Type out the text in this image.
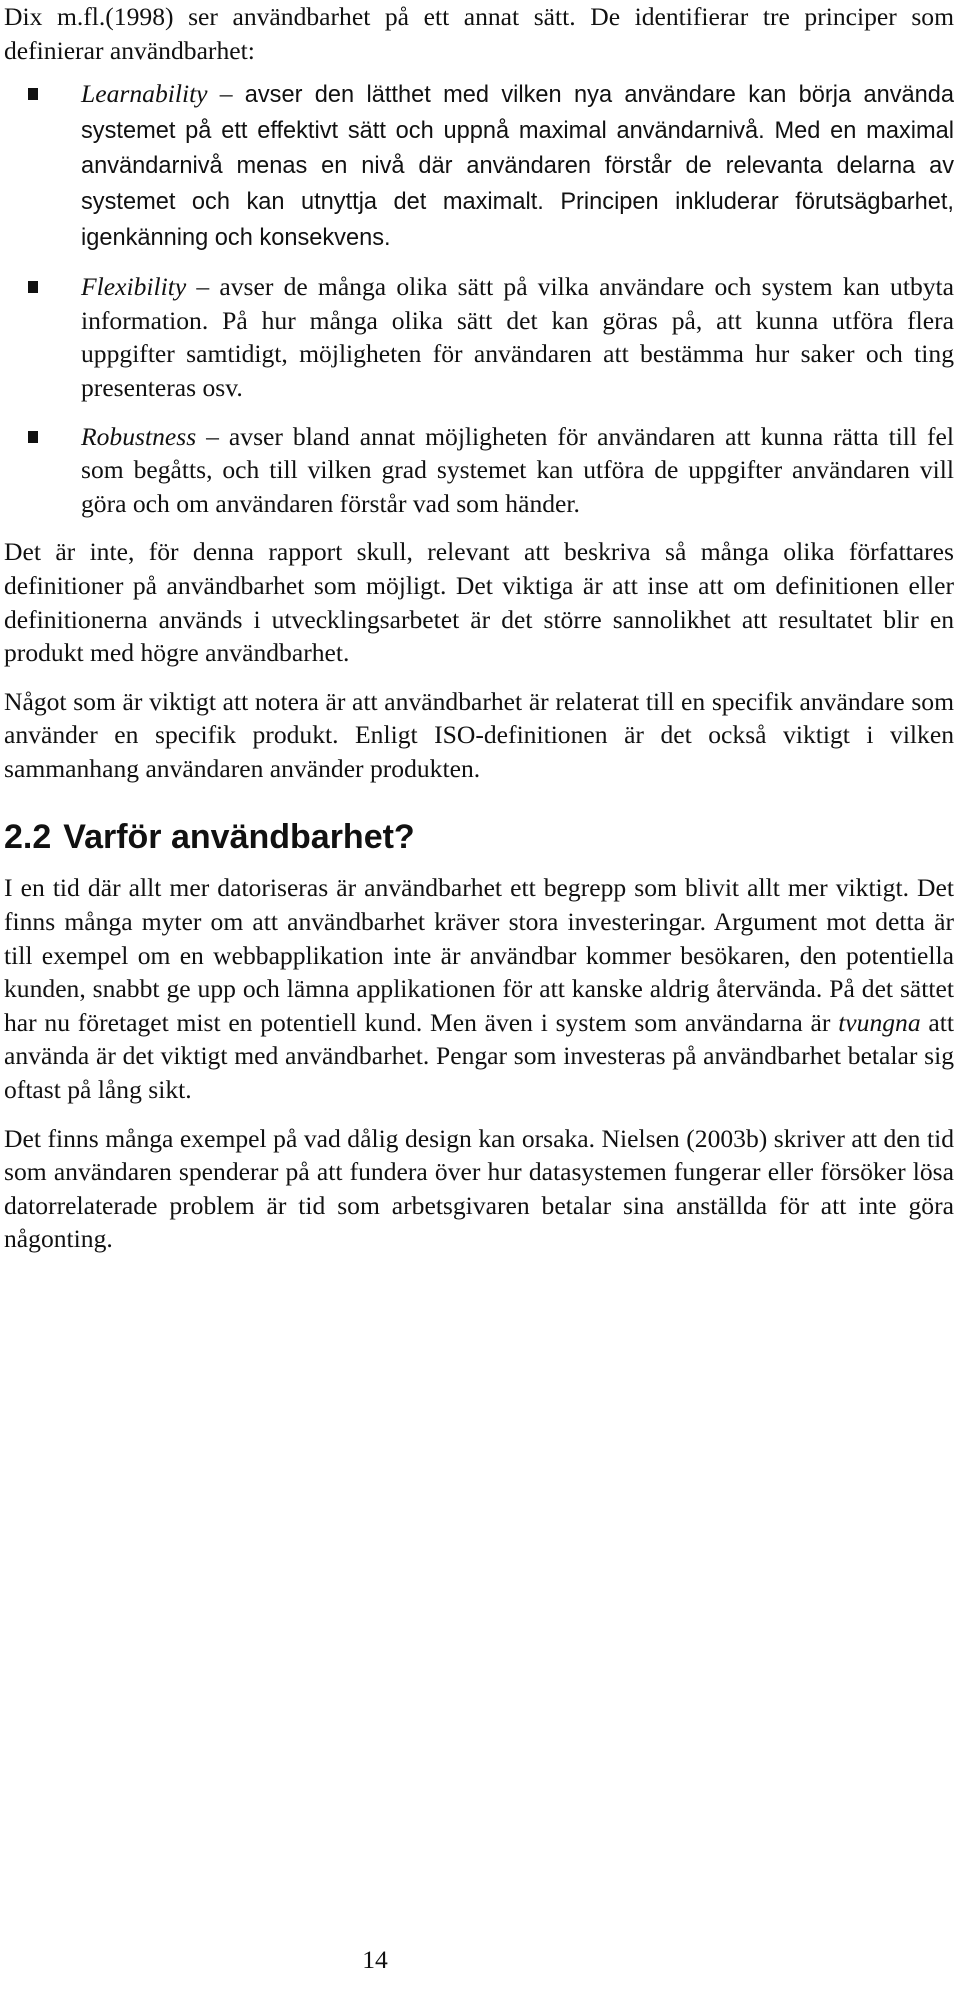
Dix m.fl.(1998) ser användbarhet på ett annat sätt. De identifierar tre principer som definierar användbarhet:

Learnability – avser den lätthet med vilken nya användare kan börja använda systemet på ett effektivt sätt och uppnå maximal användarnivå. Med en maximal användarnivå menas en nivå där användaren förstår de relevanta delarna av systemet och kan utnyttja det maximalt. Principen inkluderar förutsägbarhet, igenkänning och konsekvens.

Flexibility – avser de många olika sätt på vilka användare och system kan utbyta information. På hur många olika sätt det kan göras på, att kunna utföra flera uppgifter samtidigt, möjligheten för användaren att bestämma hur saker och ting presenteras osv.

Robustness – avser bland annat möjligheten för användaren att kunna rätta till fel som begåtts, och till vilken grad systemet kan utföra de uppgifter användaren vill göra och om användaren förstår vad som händer.

Det är inte, för denna rapport skull, relevant att beskriva så många olika författares definitioner på användbarhet som möjligt. Det viktiga är att inse att om definitionen eller definitionerna används i utvecklingsarbetet är det större sannolikhet att resultatet blir en produkt med högre användbarhet.

Något som är viktigt att notera är att användbarhet är relaterat till en specifik användare som använder en specifik produkt. Enligt ISO-definitionen är det också viktigt i vilken sammanhang användaren använder produkten.

2.2 Varför användbarhet?

I en tid där allt mer datoriseras är användbarhet ett begrepp som blivit allt mer viktigt. Det finns många myter om att användbarhet kräver stora investeringar. Argument mot detta är till exempel om en webbapplikation inte är användbar kommer besökaren, den potentiella kunden, snabbt ge upp och lämna applikationen för att kanske aldrig återvända. På det sättet har nu företaget mist en potentiell kund. Men även i system som användarna är tvungna att använda är det viktigt med användbarhet. Pengar som investeras på användbarhet betalar sig oftast på lång sikt.

Det finns många exempel på vad dålig design kan orsaka. Nielsen (2003b) skriver att den tid som användaren spenderar på att fundera över hur datasystemen fungerar eller försöker lösa datorrelaterade problem är tid som arbetsgivaren betalar sina anställda för att inte göra någonting.

14
